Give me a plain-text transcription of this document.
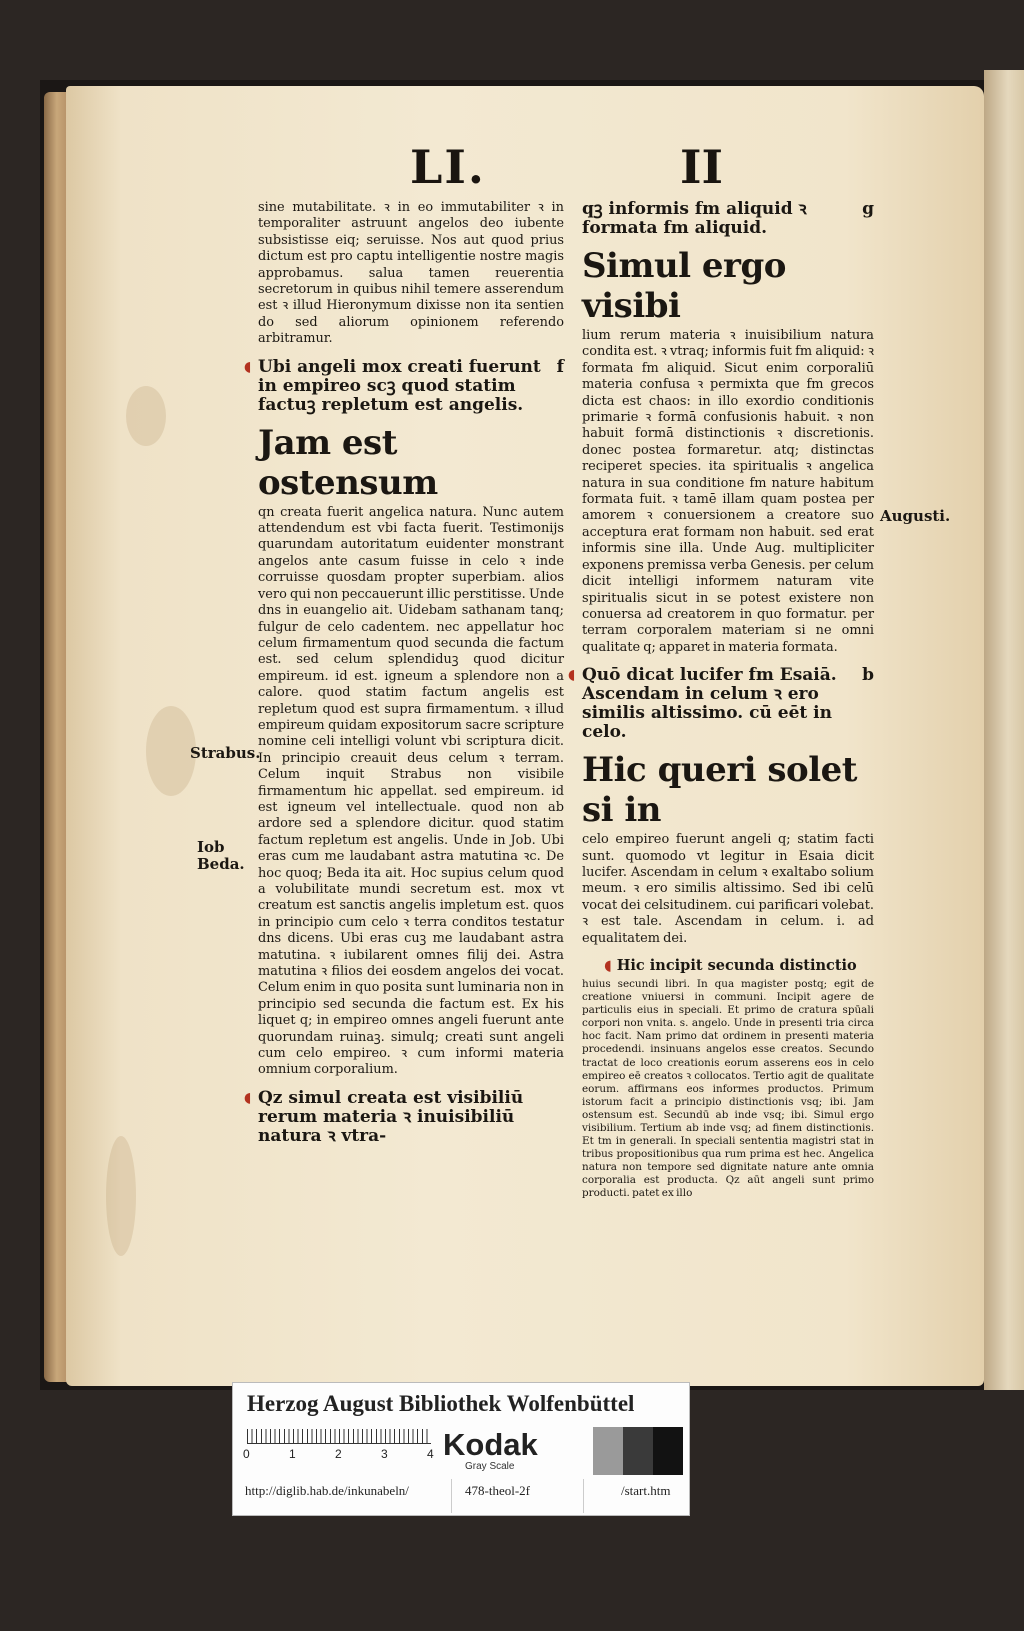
LI.	II
Strabus.
Iob
Beda.
Augusti.

sine mutabilitate. ꝛ in eo immutabiliter ꝛ in temporaliter astruunt angelos deo iubente subsistisse eiq; seruisse. Nos aut quod prius dictum est pro captu intelligentie nostre magis approbamus. salua tamen reuerentia secretorum in quibus nihil temere asserendum est ꝛ illud Hieronymum dixisse non ita sentien do sed aliorum opinionem referendo arbitramur.

◖	f
Ubi angeli mox creati fuerunt in empireo scꝫ quod statim factuꝫ repletum est angelis.
Jam est ostensum

qn creata fuerit angelica natura. Nunc autem attendendum est vbi facta fuerit. Testimonijs quarundam autoritatum euidenter monstrant angelos ante casum fuisse in celo ꝛ inde corruisse quosdam propter superbiam. alios vero qui non peccauerunt illic perstitisse. Unde dns in euangelio ait. Uidebam sathanam tanq; fulgur de celo cadentem. nec appellatur hoc celum firmamentum quod secunda die factum est. sed celum splendiduꝫ quod dicitur empireum. id est. igneum a splendore non a calore. quod statim factum angelis est repletum quod est supra firmamentum. ꝛ illud empireum quidam expositorum sacre scripture nomine celi intelligi volunt vbi scriptura dicit. In principio creauit deus celum ꝛ terram. Celum inquit Strabus non visibile firmamentum hic appellat. sed empireum. id est igneum vel intellectuale. quod non ab ardore sed a splendore dicitur. quod statim factum repletum est angelis. Unde in Job. Ubi eras cum me laudabant astra matutina ꝛc. De hoc quoq; Beda ita ait. Hoc supius celum quod a volubilitate mundi secretum est. mox vt creatum est sanctis angelis impletum est. quos in principio cum celo ꝛ terra conditos testatur dns dicens. Ubi eras cuꝫ me laudabant astra matutina. ꝛ iubilarent omnes filij dei. Astra matutina ꝛ filios dei eosdem angelos dei vocat. Celum enim in quo posita sunt luminaria non in principio sed secunda die factum est. Ex his liquet q; in empireo omnes angeli fuerunt ante quorundam ruinaꝫ. simulq; creati sunt angeli cum celo empireo. ꝛ cum informi materia omnium corporalium.

◖ Qz simul creata est visibiliū rerum materia ꝛ inuisibiliū natura ꝛ vtra-
g
qꝫ informis fm aliquid ꝛ formata fm aliquid.
Simul ergo visibi

lium rerum materia ꝛ inuisibilium natura condita est. ꝛ vtraq; informis fuit fm aliquid: ꝛ formata fm aliquid. Sicut enim corporaliū materia confusa ꝛ permixta que fm grecos dicta est chaos: in illo exordio conditionis primarie ꝛ formā confusionis habuit. ꝛ non habuit formā distinctionis ꝛ discretionis. donec postea formaretur. atq; distinctas reciperet species. ita spiritualis ꝛ angelica natura in sua conditione fm nature habitum formata fuit. ꝛ tamē illam quam postea per amorem ꝛ conuersionem a creatore suo acceptura erat formam non habuit. sed erat informis sine illa. Unde Aug. multipliciter exponens premissa verba Genesis. per celum dicit intelligi informem naturam vite spiritualis sicut in se potest existere non conuersa ad creatorem in quo formatur. per terram corporalem materiam si ne omni qualitate q; apparet in materia formata.

◖	b
Quō dicat lucifer fm Esaiā. Ascendam in celum ꝛ ero similis altissimo. cū eēt in celo.
Hic queri solet si in

celo empireo fuerunt angeli q; statim facti sunt. quomodo vt legitur in Esaia dicit lucifer. Ascendam in celum ꝛ exaltabo solium meum. ꝛ ero similis altissimo. Sed ibi celū vocat dei celsitudinem. cui parificari volebat. ꝛ est tale. Ascendam in celum. i. ad equalitatem dei.

◖ Hic incipit secunda distinctio

huius secundi libri. In qua magister postq; egit de creatione vniuersi in communi. Incipit agere de particulis eius in speciali. Et primo de cratura spūali corpori non vnita. s. angelo. Unde in presenti tria circa hoc facit. Nam primo dat ordinem in presenti materia procedendi. insinuans angelos esse creatos. Secundo tractat de loco creationis eorum asserens eos in celo empireo eē creatos ꝛ collocatos. Tertio agit de qualitate eorum. affirmans eos informes productos. Primum istorum facit a principio distinctionis vsq; ibi. Jam ostensum est. Secundū ab inde vsq; ibi. Simul ergo visibilium. Tertium ab inde vsq; ad finem distinctionis. Et tm in generali. In speciali sententia magistri stat in tribus propositionibus qua rum prima est hec. Angelica natura non tempore sed dignitate nature ante omnia corporalia est producta. Qz aūt angeli sunt primo producti. patet ex illo

Herzog August Bibliothek Wolfenbüttel
0	1	2	3	4 Kodak
Gray Scale
http://diglib.hab.de/inkunabeln/	478-theol-2f	/start.htm
